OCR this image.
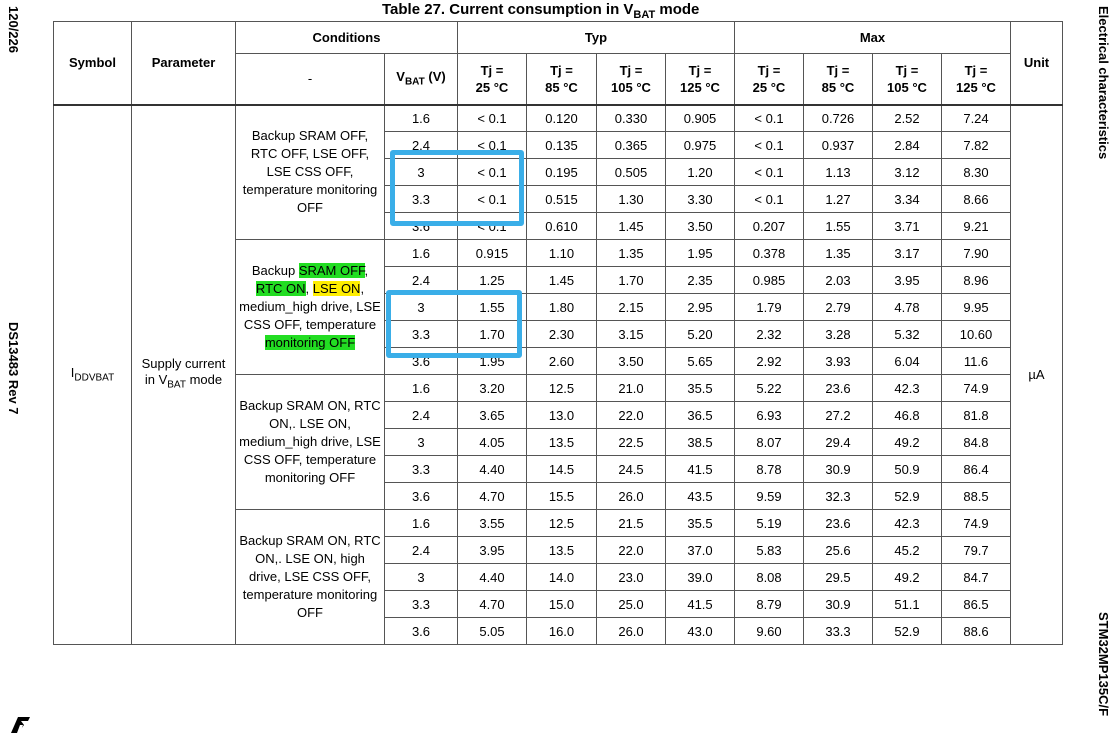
Table 27. Current consumption in $V_{BAT}$ mode
120/226
DS13483 Rev 7
Electrical characteristics
STM32MP135C/F
Symbol	Parameter	Conditions		Typ				Max				Unit
		-	$V_{BAT}$ (V)	Tj =
25 °C	Tj =
85 °C	Tj =
105 °C	Tj =
125 °C	Tj =
25 °C	Tj =
85 °C	Tj =
105 °C	Tj =
125 °C	
$I_{DDVBAT}$	Supply current
in $V_{BAT}$ mode	Backup SRAM OFF, RTC OFF, LSE OFF, LSE CSS OFF, temperature monitoring OFF	1.6	< 0.1	0.120	0.330	0.905	< 0.1	0.726	2.52	7.24	µA
			2.4	< 0.1	0.135	0.365	0.975	< 0.1	0.937	2.84	7.82	
			3	< 0.1	0.195	0.505	1.20	< 0.1	1.13	3.12	8.30	
			3.3	< 0.1	0.515	1.30	3.30	< 0.1	1.27	3.34	8.66	
			3.6	< 0.1	0.610	1.45	3.50	0.207	1.55	3.71	9.21	
		Backup SRAM OFF, RTC ON, LSE ON, medium_high drive, LSE CSS OFF, temperature monitoring OFF	1.6	0.915	1.10	1.35	1.95	0.378	1.35	3.17	7.90	
			2.4	1.25	1.45	1.70	2.35	0.985	2.03	3.95	8.96	
			3	1.55	1.80	2.15	2.95	1.79	2.79	4.78	9.95	
			3.3	1.70	2.30	3.15	5.20	2.32	3.28	5.32	10.60	
			3.6	1.95	2.60	3.50	5.65	2.92	3.93	6.04	11.6	
		Backup SRAM ON, RTC ON,. LSE ON, medium_high drive, LSE CSS OFF, temperature monitoring OFF	1.6	3.20	12.5	21.0	35.5	5.22	23.6	42.3	74.9	
			2.4	3.65	13.0	22.0	36.5	6.93	27.2	46.8	81.8	
			3	4.05	13.5	22.5	38.5	8.07	29.4	49.2	84.8	
			3.3	4.40	14.5	24.5	41.5	8.78	30.9	50.9	86.4	
			3.6	4.70	15.5	26.0	43.5	9.59	32.3	52.9	88.5	
		Backup SRAM ON, RTC ON,. LSE ON, high drive, LSE CSS OFF, temperature monitoring OFF	1.6	3.55	12.5	21.5	35.5	5.19	23.6	42.3	74.9	
			2.4	3.95	13.5	22.0	37.0	5.83	25.6	45.2	79.7	
			3	4.40	14.0	23.0	39.0	8.08	29.5	49.2	84.7	
			3.3	4.70	15.0	25.0	41.5	8.79	30.9	51.1	86.5	
			3.6	5.05	16.0	26.0	43.0	9.60	33.3	52.9	88.6	
